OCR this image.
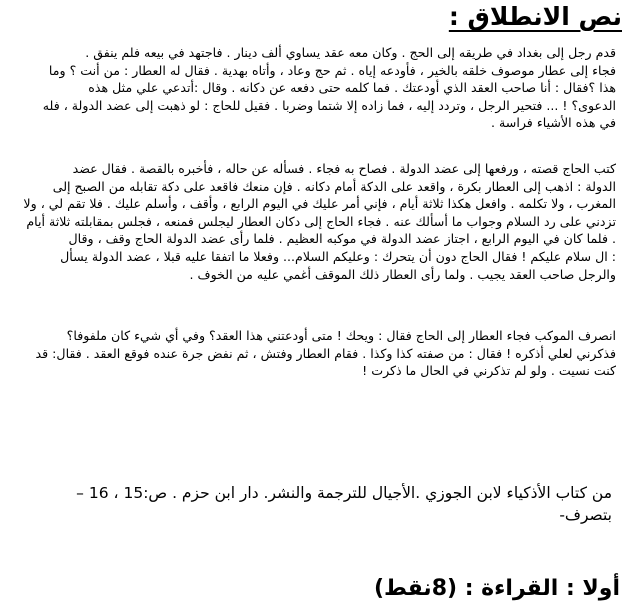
نص الانطلاق :
قدم رجل إلى بغداد في طريقه إلى الحج . وكان معه عقد يساوي ألف دينار . فاجتهد في بيعه فلم ينفق .
فجاء إلى عطار موصوف خلقه بالخير ، فأودعه إياه . ثم حج وعاد ، وأتاه بهدية . فقال له العطار : من أنت ؟ وما
هذا ؟فقال : أنا صاحب العقد الذي أودعتك . فما كلمه حتى دفعه عن دكانه . وقال :أتدعي علي مثل هذه
الدعوى؟ ! ... فتحير الرجل ، وتردد إليه ، فما زاده إلا شتما وضربا . فقيل للحاج : لو ذهبت إلى عضد الدولة ، فله
في هذه الأشياء فراسة .
كتب الحاج قصته ، ورفعها إلى عضد الدولة . فصاح به فجاء . فسأله عن حاله ، فأخبره بالقصة . فقال عضد
الدولة : اذهب إلى العطار بكرة ، واقعد على الدكة أمام دكانه . فإن منعك فاقعد على دكة تقابله من الصبح إلى
المغرب ، ولا تكلمه . وافعل هكذا ثلاثة أيام ، فإني أمر عليك في اليوم الرابع ، وأقف ، وأسلم عليك . فلا تقم لي ، ولا
تزدني على رد السلام وجواب ما أسألك عنه . فجاء الحاج إلى دكان العطار ليجلس فمنعه ، فجلس بمقابلته ثلاثة أيام
. فلما كان في اليوم الرابع ، اجتاز عضد الدولة في موكبه العظيم . فلما رأى عضد الدولة الحاج وقف ، وقال
: ال سلام عليكم ! فقال الحاج دون أن يتحرك : وعليكم السلام... وفعلا ما اتفقا عليه قبلا ، عضد الدولة يسأل
والرجل صاحب العقد يجيب . ولما رأى العطار ذلك الموقف أغمي عليه من الخوف .
انصرف الموكب فجاء العطار إلى الحاج فقال : ويحك ! متى أودعتني هذا العقد؟ وفي أي شيء كان ملفوفا؟
فذكرني لعلي أذكره ! فقال : من صفته كذا وكذا . فقام العطار وفتش ، ثم نفض جرة عنده فوقع العقد . فقال: قد
كنت نسيت . ولو لم تذكرني في الحال ما ذكرت !
من كتاب الأذكياء لابن الجوزي .الأجيال للترجمة والنشر. دار ابن حزم . ص:15 ، 16 – بتصرف-
أولا : القراءة : (8نقط)
